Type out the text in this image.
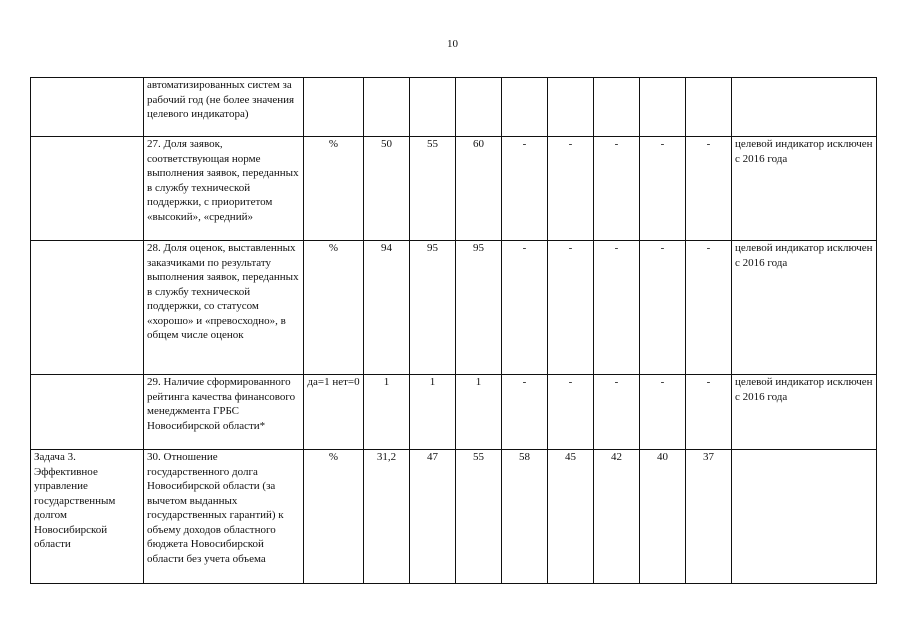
10
	автоматизированных систем за рабочий год (не более значения целевого индикатора)										
	27. Доля заявок, соответствующая норме выполнения заявок, переданных в службу технической поддержки, с приоритетом «высокий», «средний»	%	50	55	60	-	-	-	-	-	целевой индикатор исключен с 2016 года
	28. Доля оценок, выставленных заказчиками по результату выполнения заявок, переданных в службу технической поддержки, со статусом «хорошо» и «превосходно», в общем числе оценок	%	94	95	95	-	-	-	-	-	целевой индикатор исключен с 2016 года
	29. Наличие сформированного рейтинга качества финансового менеджмента ГРБС Новосибирской области*	да=1 нет=0	1	1	1	-	-	-	-	-	целевой индикатор исключен с 2016 года
Задача 3. Эффективное управление государственным долгом Новосибирской области	30. Отношение государственного долга Новосибирской области (за вычетом выданных государственных гарантий) к объему доходов областного бюджета Новосибирской области без учета объема	%	31,2	47	55	58	45	42	40	37	
